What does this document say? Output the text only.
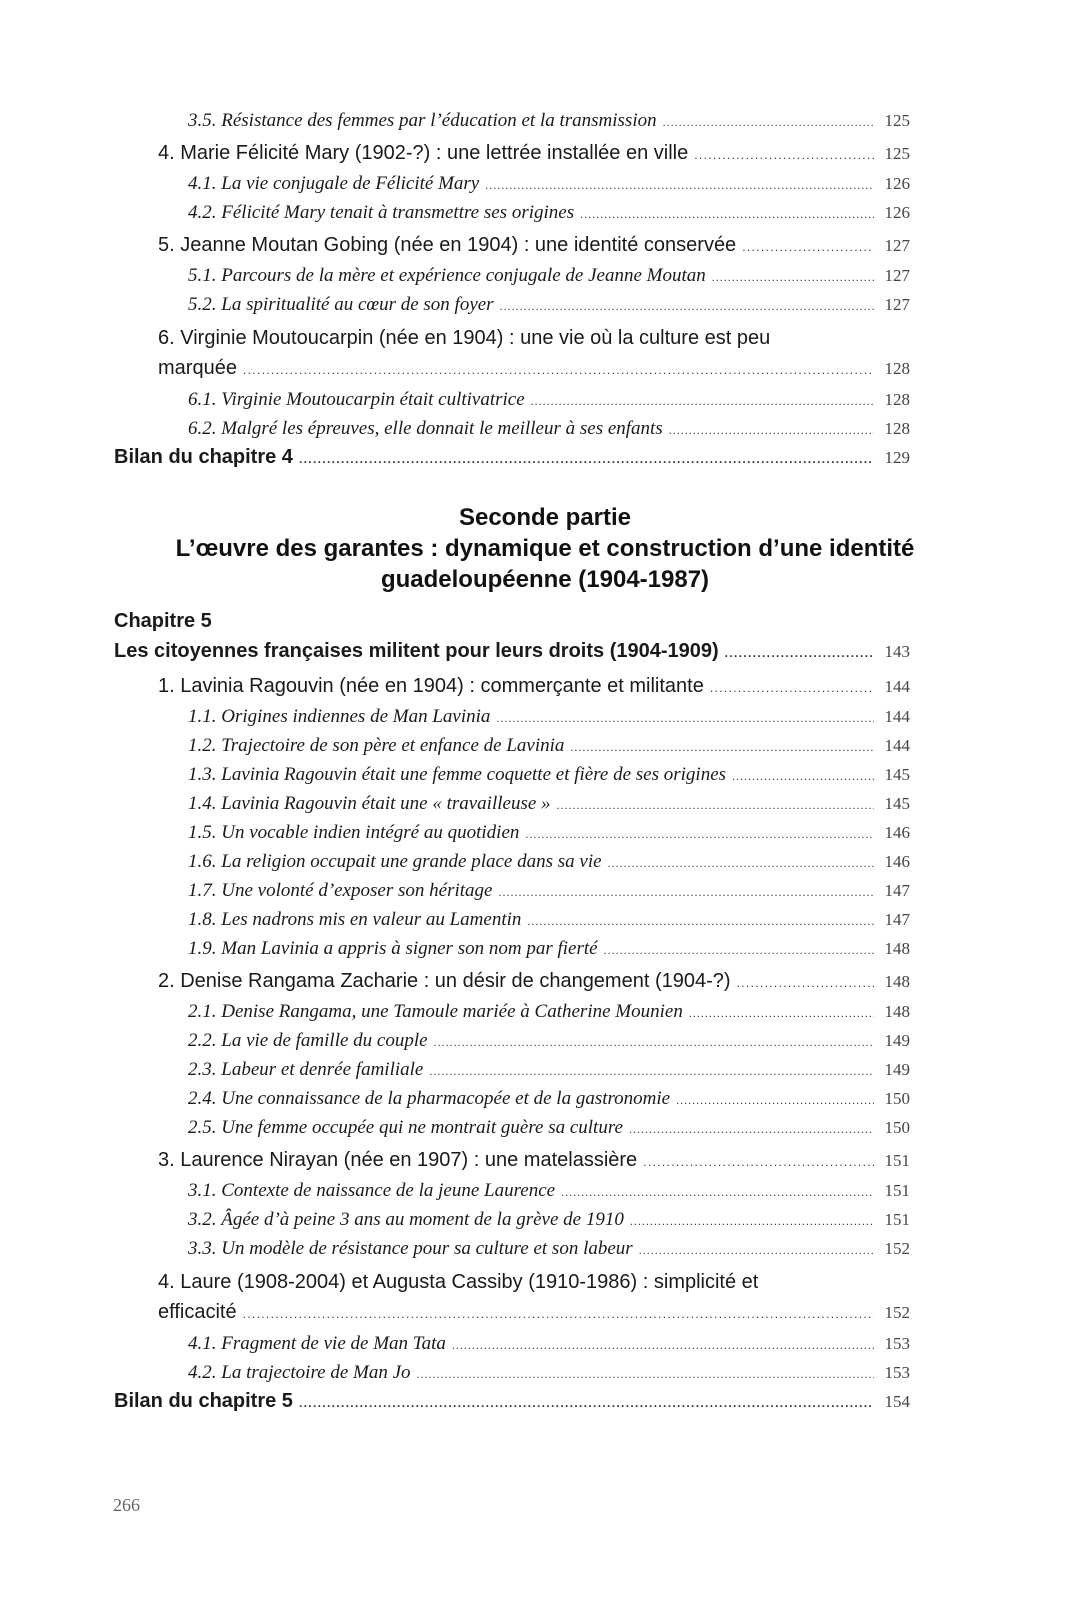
3.5. Résistance des femmes par l’éducation et la transmission . . .	125
4. Marie Félicité Mary (1902-?) : une lettrée installée en ville . . .	125
4.1. La vie conjugale de Félicité Mary . . .	126
4.2. Félicité Mary tenait à transmettre ses origines . . .	126
5. Jeanne Moutan Gobing (née en 1904) : une identité conservée . . .	127
5.1. Parcours de la mère et expérience conjugale de Jeanne Moutan . . .	127
5.2. La spiritualité au cœur de son foyer . . .	127
6. Virginie Moutoucarpin (née en 1904) : une vie où la culture est peu
marquée . . .	128
6.1. Virginie Moutoucarpin était cultivatrice . . .	128
6.2. Malgré les épreuves, elle donnait le meilleur à ses enfants . . .	128
Bilan du chapitre 4 . . .	129
Seconde partie
L’œuvre des garantes : dynamique et construction d’une identité
guadeloupéenne (1904-1987)
Chapitre 5
Les citoyennes françaises militent pour leurs droits (1904-1909) . . .	143
1. Lavinia Ragouvin (née en 1904) : commerçante et militante . . .	144
1.1. Origines indiennes de Man Lavinia . . .	144
1.2. Trajectoire de son père et enfance de Lavinia . . .	144
1.3. Lavinia Ragouvin était une femme coquette et fière de ses origines . . .	145
1.4. Lavinia Ragouvin était une « travailleuse » . . .	145
1.5. Un vocable indien intégré au quotidien . . .	146
1.6. La religion occupait une grande place dans sa vie . . .	146
1.7. Une volonté d’exposer son héritage . . .	147
1.8. Les nadrons mis en valeur au Lamentin . . .	147
1.9. Man Lavinia a appris à signer son nom par fierté . . .	148
2. Denise Rangama Zacharie : un désir de changement (1904-?) . . .	148
2.1. Denise Rangama, une Tamoule mariée à Catherine Mounien . . .	148
2.2. La vie de famille du couple . . .	149
2.3. Labeur et denrée familiale . . .	149
2.4. Une connaissance de la pharmacopée et de la gastronomie . . .	150
2.5. Une femme occupée qui ne montrait guère sa culture . . .	150
3. Laurence Nirayan (née en 1907) : une matelassière . . .	151
3.1. Contexte de naissance de la jeune Laurence . . .	151
3.2. Âgée d’à peine 3 ans au moment de la grève de 1910 . . .	151
3.3. Un modèle de résistance pour sa culture et son labeur . . .	152
4. Laure (1908-2004) et Augusta Cassiby (1910-1986) : simplicité et
efficacité . . .	152
4.1. Fragment de vie de Man Tata . . .	153
4.2. La trajectoire de Man Jo . . .	153
Bilan du chapitre 5 . . .	154
266
